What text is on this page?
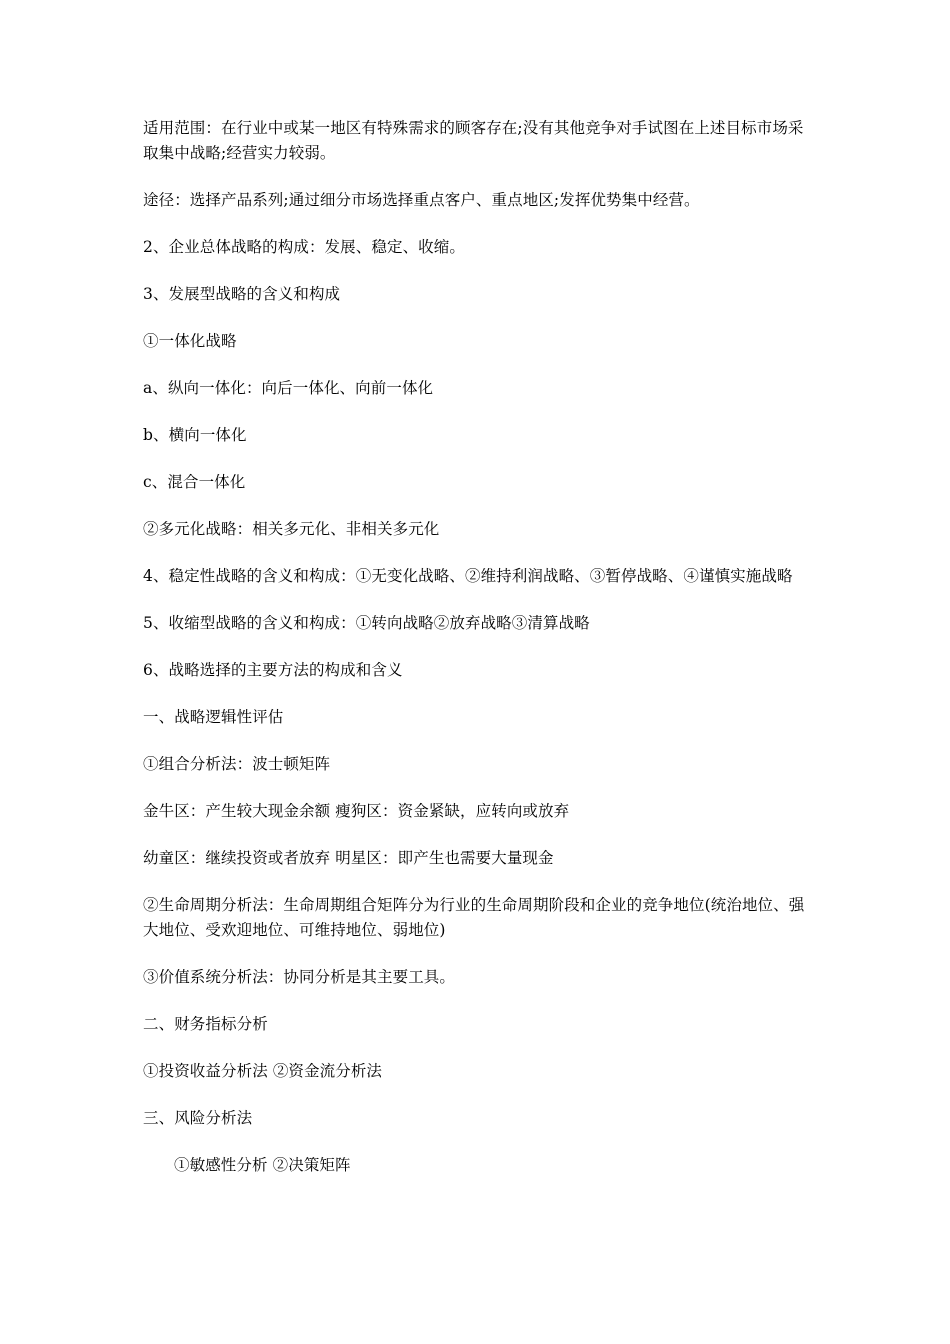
适用范围：在行业中或某一地区有特殊需求的顾客存在;没有其他竞争对手试图在上述目标市场采取集中战略;经营实力较弱。

途径：选择产品系列;通过细分市场选择重点客户、重点地区;发挥优势集中经营。

2、企业总体战略的构成：发展、稳定、收缩。

3、发展型战略的含义和构成

①一体化战略

a、纵向一体化：向后一体化、向前一体化

b、横向一体化

c、混合一体化

②多元化战略：相关多元化、非相关多元化

4、稳定性战略的含义和构成：①无变化战略、②维持利润战略、③暂停战略、④谨慎实施战略

5、收缩型战略的含义和构成：①转向战略②放弃战略③清算战略

6、战略选择的主要方法的构成和含义

一、战略逻辑性评估

①组合分析法：波士顿矩阵

金牛区：产生较大现金余额 瘦狗区：资金紧缺，应转向或放弃

幼童区：继续投资或者放弃 明星区：即产生也需要大量现金

②生命周期分析法：生命周期组合矩阵分为行业的生命周期阶段和企业的竞争地位(统治地位、强大地位、受欢迎地位、可维持地位、弱地位)

③价值系统分析法：协同分析是其主要工具。

二、财务指标分析

①投资收益分析法 ②资金流分析法

三、风险分析法

①敏感性分析 ②决策矩阵
